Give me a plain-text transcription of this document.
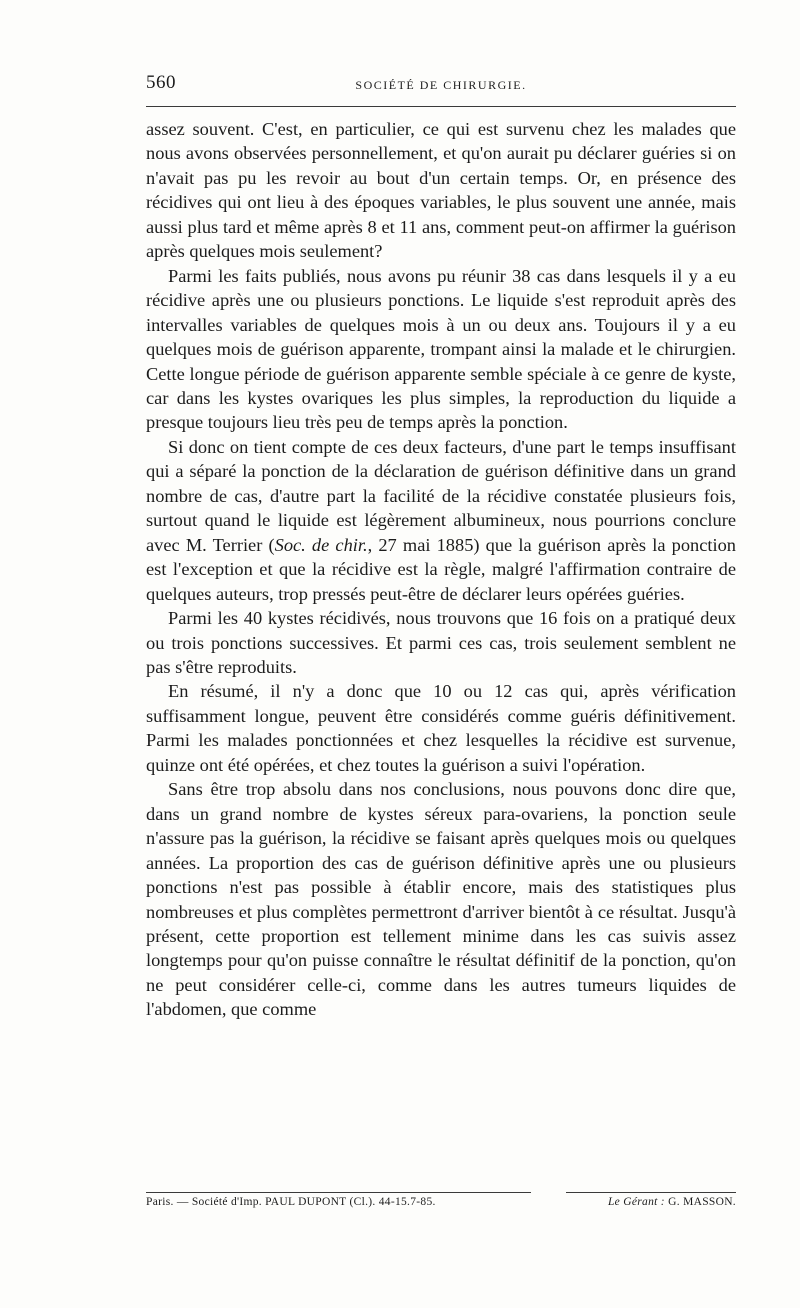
560	SOCIÉTÉ DE CHIRURGIE.

assez souvent. C'est, en particulier, ce qui est survenu chez les malades que nous avons observées personnellement, et qu'on aurait pu déclarer guéries si on n'avait pas pu les revoir au bout d'un certain temps. Or, en présence des récidives qui ont lieu à des époques variables, le plus souvent une année, mais aussi plus tard et même après 8 et 11 ans, comment peut-on affirmer la guérison après quelques mois seulement?

Parmi les faits publiés, nous avons pu réunir 38 cas dans lesquels il y a eu récidive après une ou plusieurs ponctions. Le liquide s'est reproduit après des intervalles variables de quelques mois à un ou deux ans. Toujours il y a eu quelques mois de guérison apparente, trompant ainsi la malade et le chirurgien. Cette longue période de guérison apparente semble spéciale à ce genre de kyste, car dans les kystes ovariques les plus simples, la reproduction du liquide a presque toujours lieu très peu de temps après la ponction.

Si donc on tient compte de ces deux facteurs, d'une part le temps insuffisant qui a séparé la ponction de la déclaration de guérison définitive dans un grand nombre de cas, d'autre part la facilité de la récidive constatée plusieurs fois, surtout quand le liquide est légèrement albumineux, nous pourrions conclure avec M. Terrier (Soc. de chir., 27 mai 1885) que la guérison après la ponction est l'exception et que la récidive est la règle, malgré l'affirmation contraire de quelques auteurs, trop pressés peut-être de déclarer leurs opérées guéries.

Parmi les 40 kystes récidivés, nous trouvons que 16 fois on a pratiqué deux ou trois ponctions successives. Et parmi ces cas, trois seulement semblent ne pas s'être reproduits.

En résumé, il n'y a donc que 10 ou 12 cas qui, après vérification suffisamment longue, peuvent être considérés comme guéris définitivement. Parmi les malades ponctionnées et chez lesquelles la récidive est survenue, quinze ont été opérées, et chez toutes la guérison a suivi l'opération.

Sans être trop absolu dans nos conclusions, nous pouvons donc dire que, dans un grand nombre de kystes séreux para-ovariens, la ponction seule n'assure pas la guérison, la récidive se faisant après quelques mois ou quelques années. La proportion des cas de guérison définitive après une ou plusieurs ponctions n'est pas possible à établir encore, mais des statistiques plus nombreuses et plus complètes permettront d'arriver bientôt à ce résultat. Jusqu'à présent, cette proportion est tellement minime dans les cas suivis assez longtemps pour qu'on puisse connaître le résultat définitif de la ponction, qu'on ne peut considérer celle-ci, comme dans les autres tumeurs liquides de l'abdomen, que comme

Paris. — Société d'Imp. PAUL DUPONT (Cl.). 44-15.7-85.	Le Gérant : G. MASSON.
